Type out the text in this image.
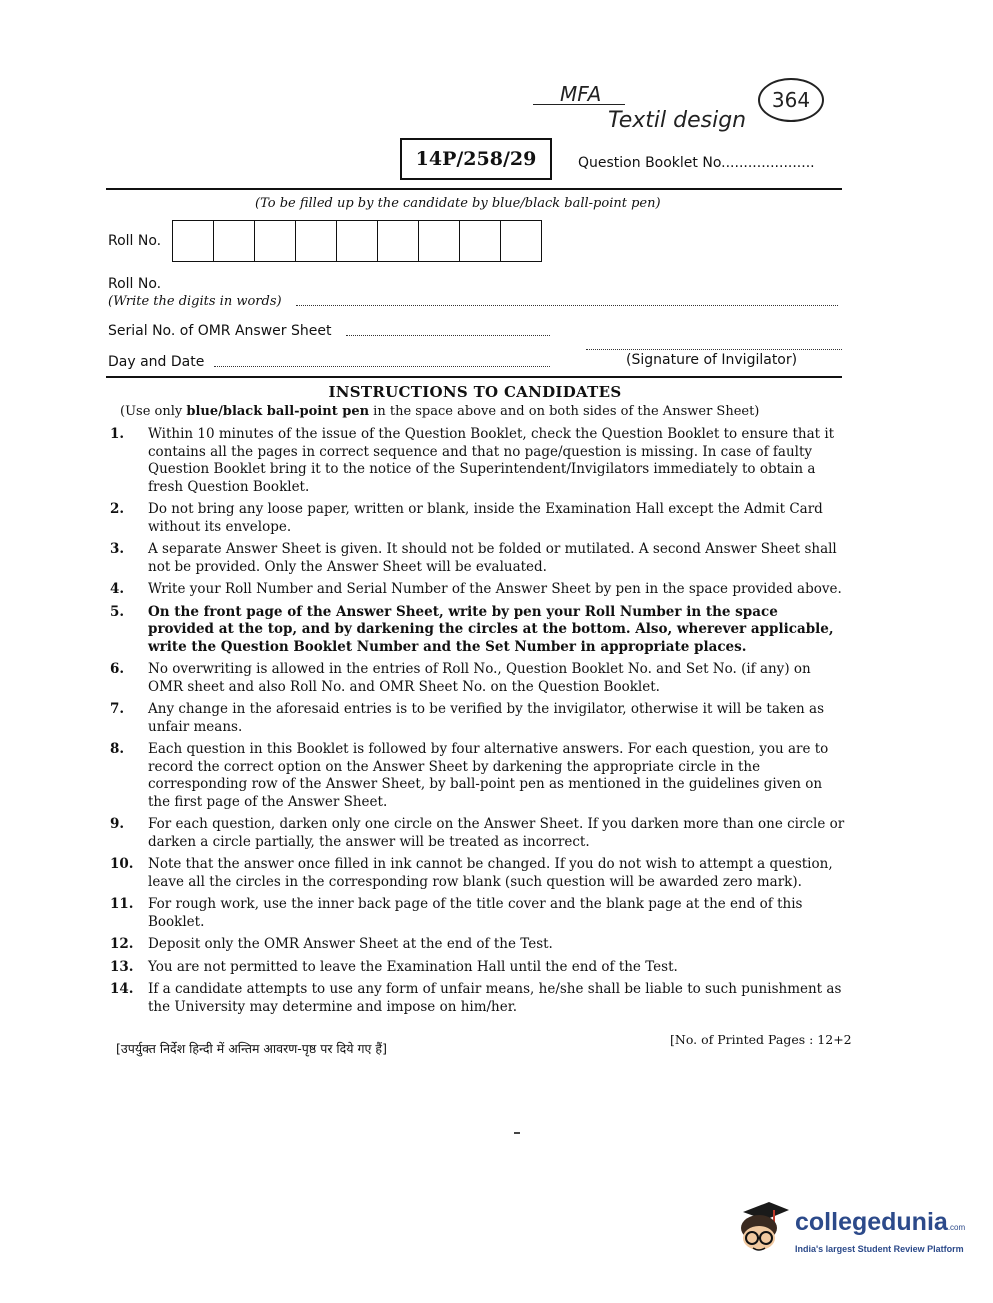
MFA
Textil design
364
14P/258/29	Question Booklet No.....................
(To be filled up by the candidate by blue/black ball-point pen)
Roll No.
Roll No.
(Write the digits in words)
Serial No. of OMR Answer Sheet
Day and Date	(Signature of Invigilator)
INSTRUCTIONS TO CANDIDATES
(Use only blue/black ball-point pen in the space above and on both sides of the Answer Sheet)
1.	Within 10 minutes of the issue of the Question Booklet, check the Question Booklet to ensure that it contains all the pages in correct sequence and that no page/question is missing. In case of faulty Question Booklet bring it to the notice of the Superintendent/Invigilators immediately to obtain a fresh Question Booklet.
2.	Do not bring any loose paper, written or blank, inside the Examination Hall except the Admit Card without its envelope.
3.	A separate Answer Sheet is given. It should not be folded or mutilated. A second Answer Sheet shall not be provided. Only the Answer Sheet will be evaluated.
4.	Write your Roll Number and Serial Number of the Answer Sheet by pen in the space provided above.
5.	On the front page of the Answer Sheet, write by pen your Roll Number in the space provided at the top, and by darkening the circles at the bottom. Also, wherever applicable, write the Question Booklet Number and the Set Number in appropriate places.
6.	No overwriting is allowed in the entries of Roll No., Question Booklet No. and Set No. (if any) on OMR sheet and also Roll No. and OMR Sheet No. on the Question Booklet.
7.	Any change in the aforesaid entries is to be verified by the invigilator, otherwise it will be taken as unfair means.
8.	Each question in this Booklet is followed by four alternative answers. For each question, you are to record the correct option on the Answer Sheet by darkening the appropriate circle in the corresponding row of the Answer Sheet, by ball-point pen as mentioned in the guidelines given on the first page of the Answer Sheet.
9.	For each question, darken only one circle on the Answer Sheet. If you darken more than one circle or darken a circle partially, the answer will be treated as incorrect.
10.	Note that the answer once filled in ink cannot be changed. If you do not wish to attempt a question, leave all the circles in the corresponding row blank (such question will be awarded zero mark).
11.	For rough work, use the inner back page of the title cover and the blank page at the end of this Booklet.
12.	Deposit only the OMR Answer Sheet at the end of the Test.
13.	You are not permitted to leave the Examination Hall until the end of the Test.
14.	If a candidate attempts to use any form of unfair means, he/she shall be liable to such punishment as the University may determine and impose on him/her.
[उपर्युक्त निर्देश हिन्दी में अन्तिम आवरण-पृष्ठ पर दिये गए हैं]
[No. of Printed Pages : 12+2
collegedunia.com
India's largest Student Review Platform
